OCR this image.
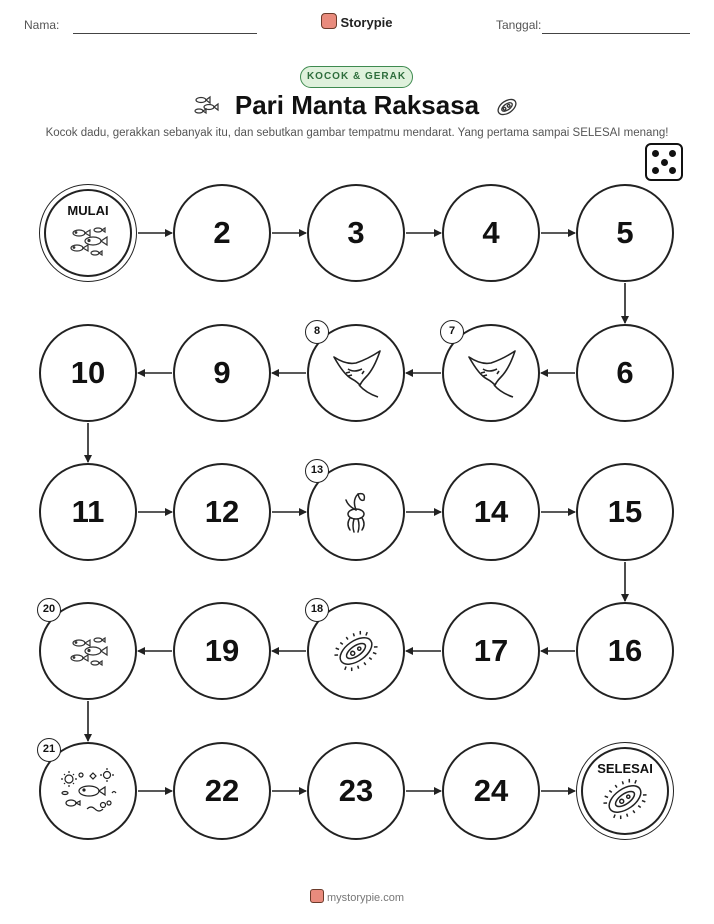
Nama:	Storypie	Tanggal:
KOCOK & GERAK
Pari Manta Raksasa
Kocok dadu, gerakkan sebanyak itu, dan sebutkan gambar tempatmu mendarat. Yang pertama sampai SELESAI menang!
MULAI
2	3	4	5
6
7
8
9
10
11	12
13
14	15
16
17
18
19
20
21
22	23	24
SELESAI
mystorypie.com
